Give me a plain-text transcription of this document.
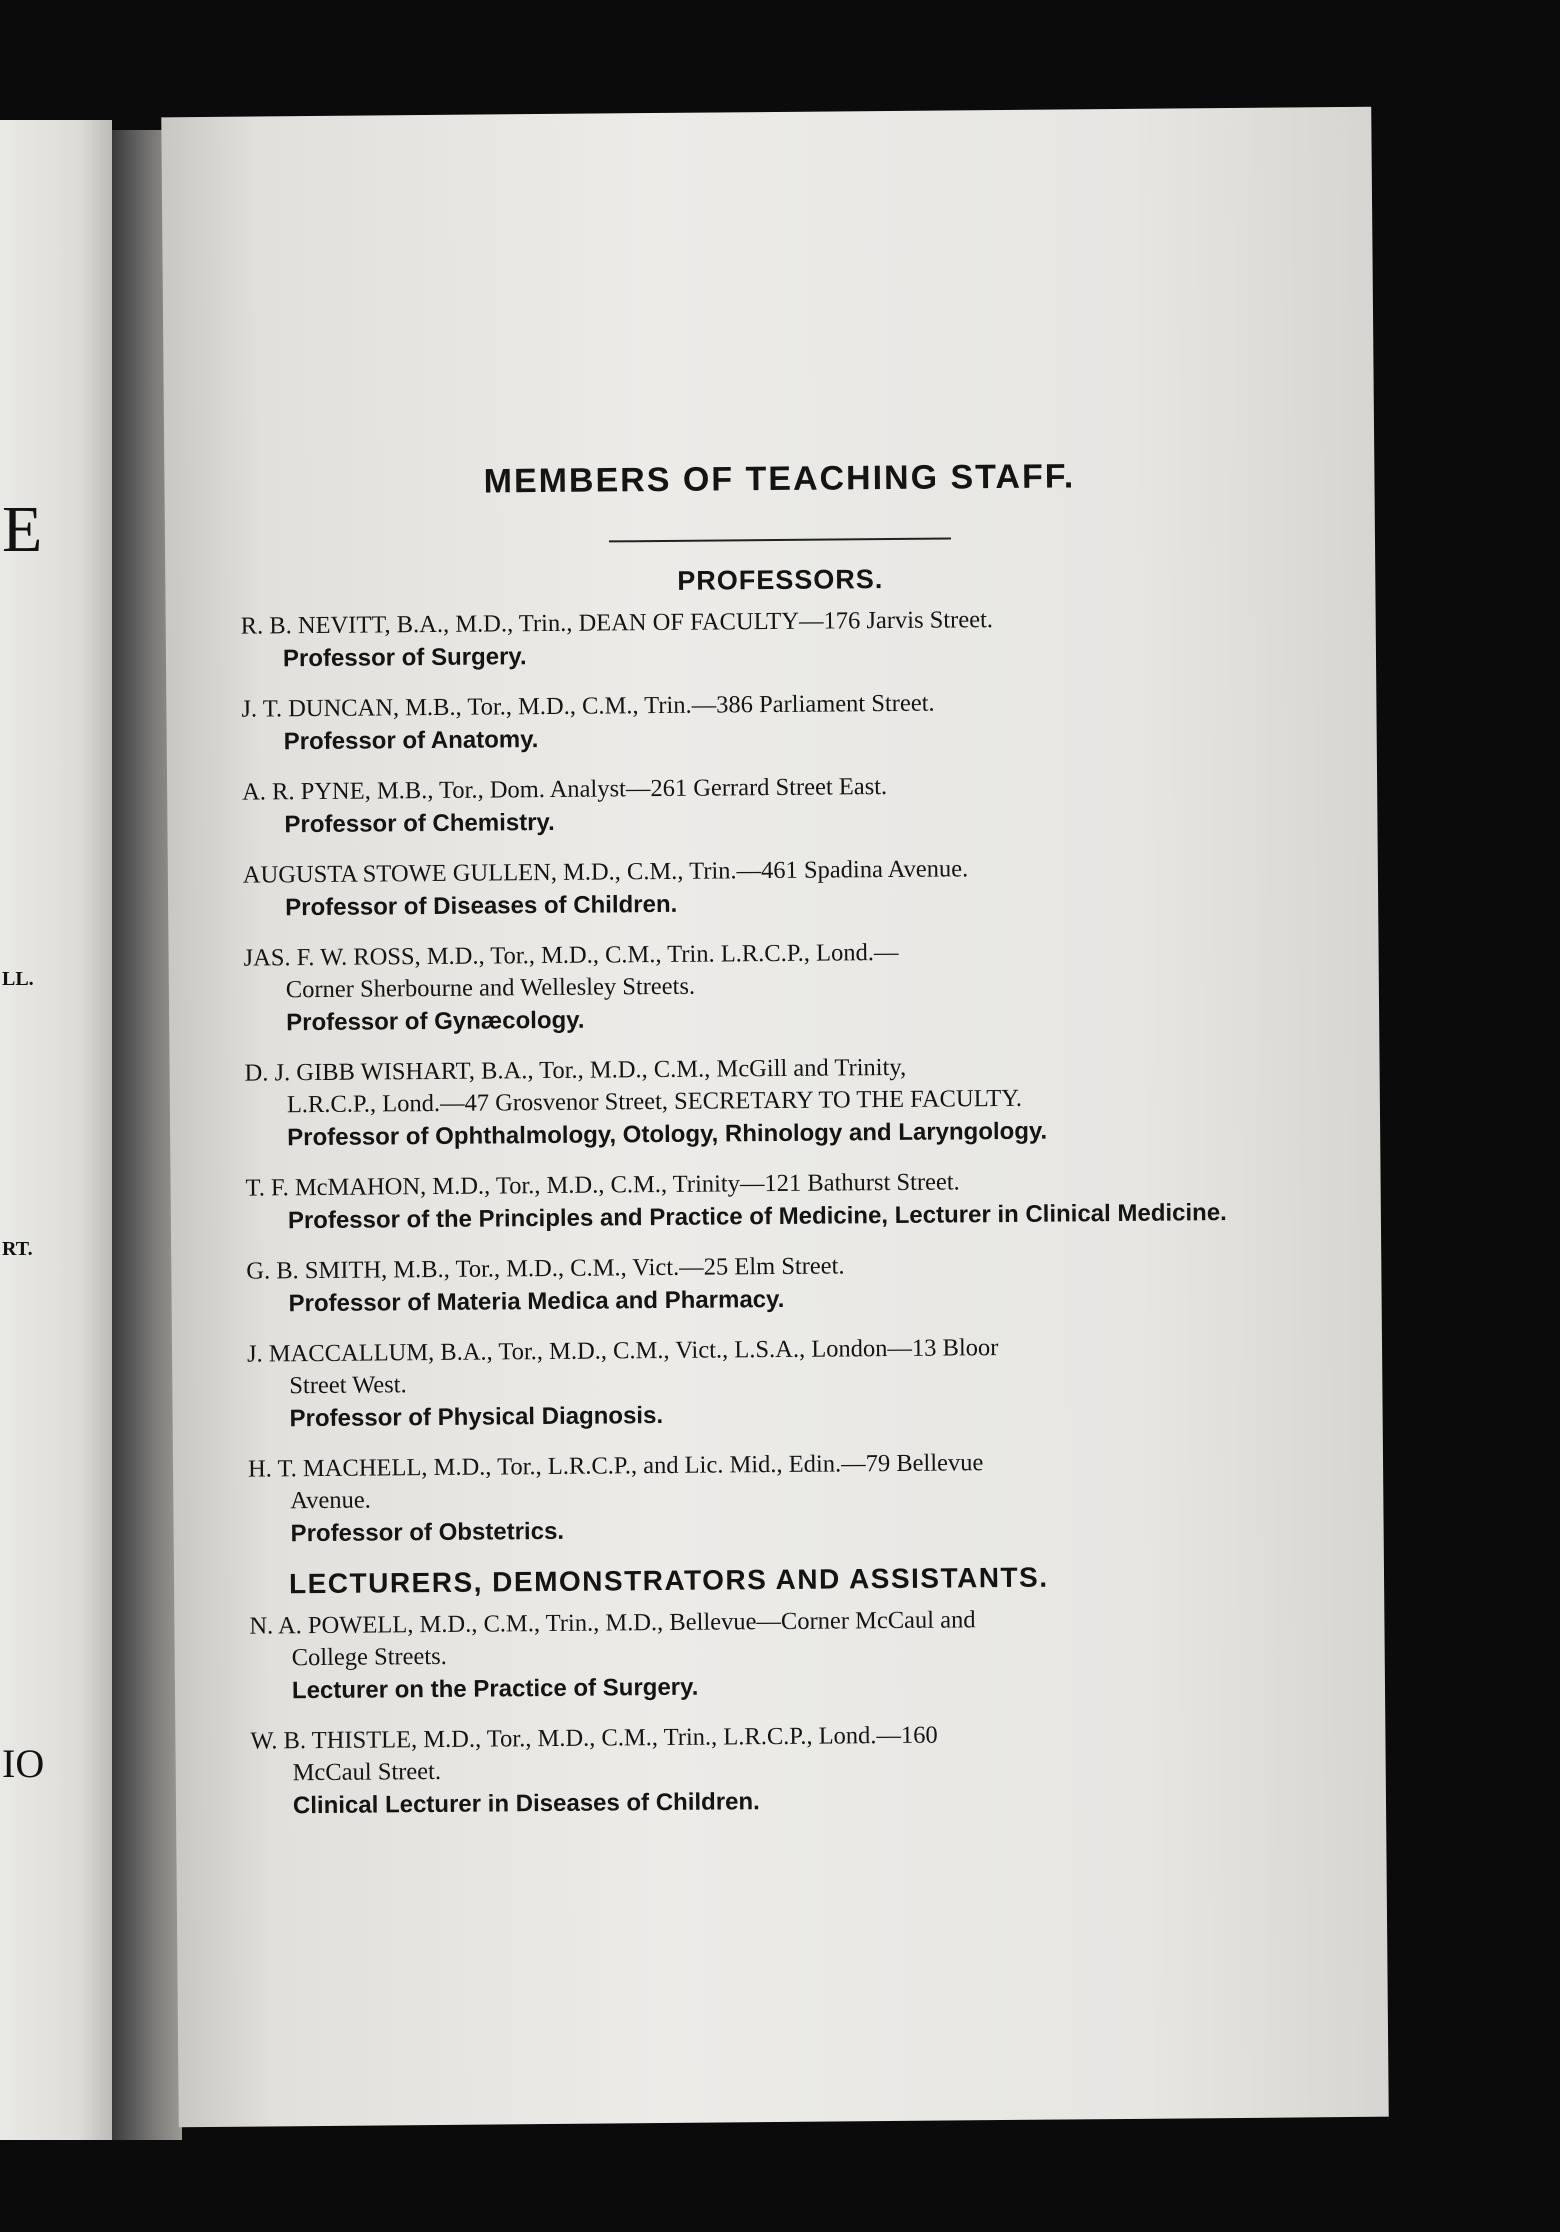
E
LL.
RT.
IO
MEMBERS OF TEACHING STAFF.
PROFESSORS.
R. B. NEVITT, B.A., M.D., Trin., DEAN OF FACULTY—176 Jarvis Street.
Professor of Surgery.
J. T. DUNCAN, M.B., Tor., M.D., C.M., Trin.—386 Parliament Street.
Professor of Anatomy.
A. R. PYNE, M.B., Tor., Dom. Analyst—261 Gerrard Street East.
Professor of Chemistry.
AUGUSTA STOWE GULLEN, M.D., C.M., Trin.—461 Spadina Avenue.
Professor of Diseases of Children.
JAS. F. W. ROSS, M.D., Tor., M.D., C.M., Trin. L.R.C.P., Lond.—
Corner Sherbourne and Wellesley Streets.
Professor of Gynæcology.
D. J. GIBB WISHART, B.A., Tor., M.D., C.M., McGill and Trinity,
L.R.C.P., Lond.—47 Grosvenor Street, SECRETARY TO THE FACULTY.
Professor of Ophthalmology, Otology, Rhinology and Laryngology.
T. F. McMAHON, M.D., Tor., M.D., C.M., Trinity—121 Bathurst Street.
Professor of the Principles and Practice of Medicine, Lecturer in Clinical Medicine.
G. B. SMITH, M.B., Tor., M.D., C.M., Vict.—25 Elm Street.
Professor of Materia Medica and Pharmacy.
J. MACCALLUM, B.A., Tor., M.D., C.M., Vict., L.S.A., London—13 Bloor
Street West.
Professor of Physical Diagnosis.
H. T. MACHELL, M.D., Tor., L.R.C.P., and Lic. Mid., Edin.—79 Bellevue
Avenue.
Professor of Obstetrics.
LECTURERS, DEMONSTRATORS AND ASSISTANTS.
N. A. POWELL, M.D., C.M., Trin., M.D., Bellevue—Corner McCaul and
College Streets.
Lecturer on the Practice of Surgery.
W. B. THISTLE, M.D., Tor., M.D., C.M., Trin., L.R.C.P., Lond.—160
McCaul Street.
Clinical Lecturer in Diseases of Children.
